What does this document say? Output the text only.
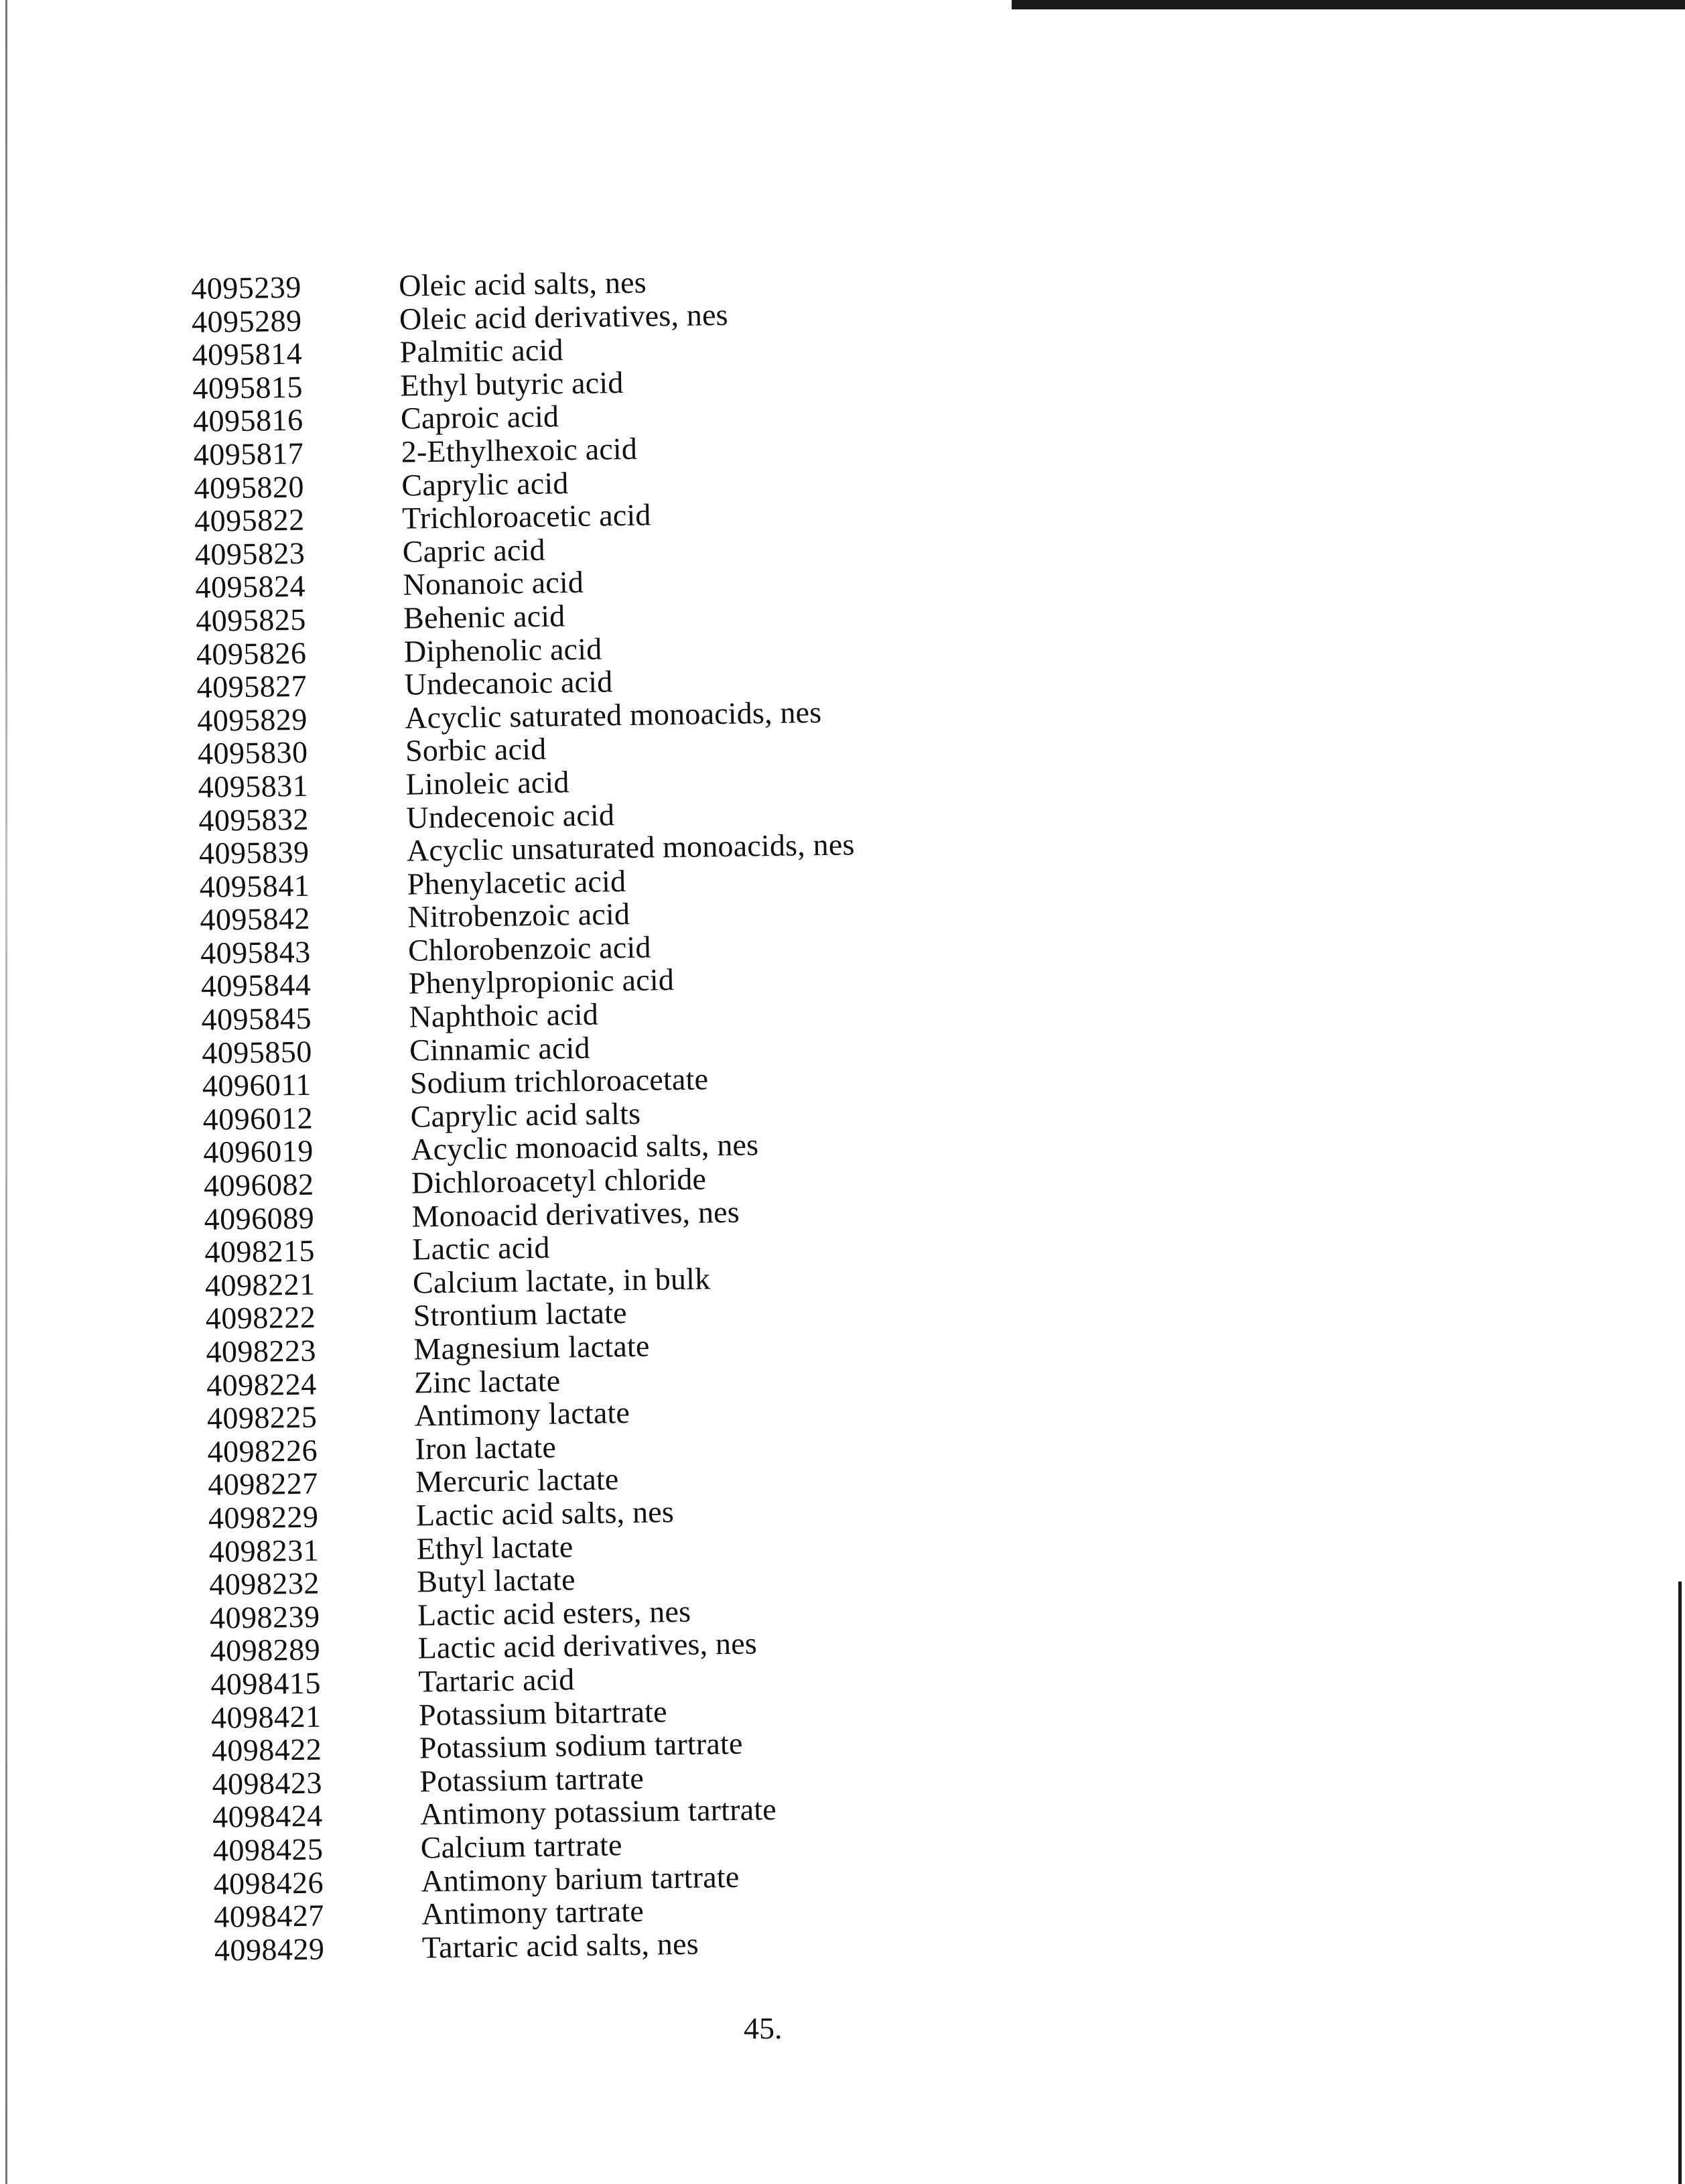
4095239	Oleic acid salts, nes
4095289	Oleic acid derivatives, nes
4095814	Palmitic acid
4095815	Ethyl butyric acid
4095816	Caproic acid
4095817	2-Ethylhexoic acid
4095820	Caprylic acid
4095822	Trichloroacetic acid
4095823	Capric acid
4095824	Nonanoic acid
4095825	Behenic acid
4095826	Diphenolic acid
4095827	Undecanoic acid
4095829	Acyclic saturated monoacids, nes
4095830	Sorbic acid
4095831	Linoleic acid
4095832	Undecenoic acid
4095839	Acyclic unsaturated monoacids, nes
4095841	Phenylacetic acid
4095842	Nitrobenzoic acid
4095843	Chlorobenzoic acid
4095844	Phenylpropionic acid
4095845	Naphthoic acid
4095850	Cinnamic acid
4096011	Sodium trichloroacetate
4096012	Caprylic acid salts
4096019	Acyclic monoacid salts, nes
4096082	Dichloroacetyl chloride
4096089	Monoacid derivatives, nes
4098215	Lactic acid
4098221	Calcium lactate, in bulk
4098222	Strontium lactate
4098223	Magnesium lactate
4098224	Zinc lactate
4098225	Antimony lactate
4098226	Iron lactate
4098227	Mercuric lactate
4098229	Lactic acid salts, nes
4098231	Ethyl lactate
4098232	Butyl lactate
4098239	Lactic acid esters, nes
4098289	Lactic acid derivatives, nes
4098415	Tartaric acid
4098421	Potassium bitartrate
4098422	Potassium sodium tartrate
4098423	Potassium tartrate
4098424	Antimony potassium tartrate
4098425	Calcium tartrate
4098426	Antimony barium tartrate
4098427	Antimony tartrate
4098429	Tartaric acid salts, nes
45.
